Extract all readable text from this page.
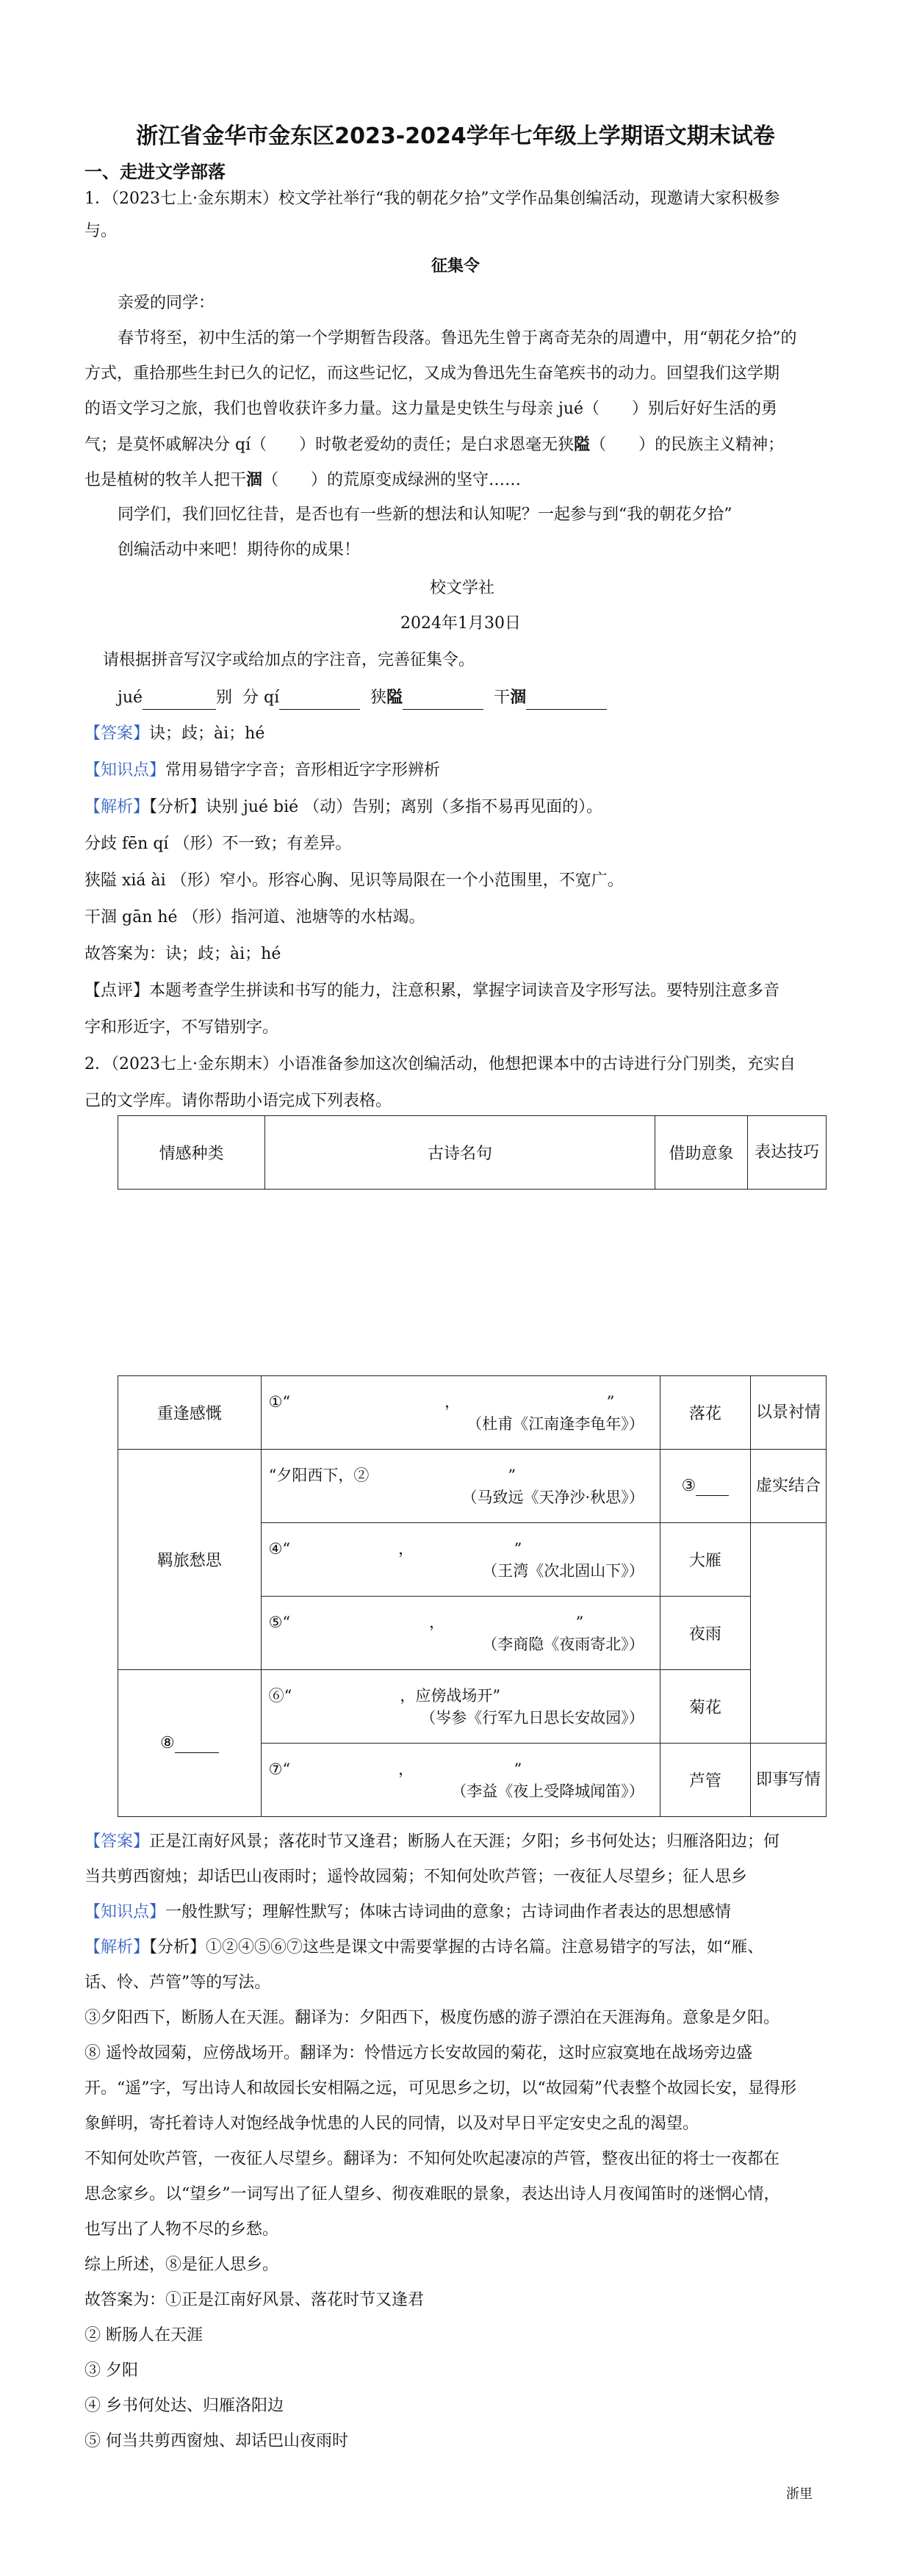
浙江省金华市金东区2023-2024学年七年级上学期语文期末试卷
一、走进文学部落
1．（2023七上·金东期末）校文学社举行“我的朝花夕拾”文学作品集创编活动，现邀请大家积极参
与。
征集令
亲爱的同学：
春节将至，初中生活的第一个学期暂告段落。鲁迅先生曾于离奇芜杂的周遭中，用“朝花夕拾”的
方式，重拾那些生封已久的记忆，而这些记忆，又成为鲁迅先生奋笔疾书的动力。回望我们这学期
的语文学习之旅，我们也曾收获许多力量。这力量是史铁生与母亲 jué（　　）别后好好生活的勇
气；是莫怀戚解决分 qí（　　）时敬老爱幼的责任；是白求恩毫无狭隘（　　）的民族主义精神；
也是植树的牧羊人把干涸（　　）的荒原变成绿洲的坚守……
同学们，我们回忆往昔，是否也有一些新的想法和认知呢？一起参与到“我的朝花夕拾”
创编活动中来吧！期待你的成果！
校文学社
2024年1月30日
请根据拼音写汉字或给加点的字注音，完善征集令。
jué	别 分 qí	狭隘	干涸
【答案】诀；歧；ài；hé
【知识点】常用易错字字音；音形相近字字形辨析
【解析】【分析】诀别 jué bié （动）告别；离别（多指不易再见面的）。
分歧 fēn qí （形）不一致；有差异。
狭隘 xiá ài （形）窄小。形容心胸、见识等局限在一个小范围里，不宽广。
干涸 gān hé （形）指河道、池塘等的水枯竭。
故答案为：诀；歧；ài；hé
【点评】本题考查学生拼读和书写的能力，注意积累，掌握字词读音及字形写法。要特别注意多音
字和形近字，不写错别字。
2．（2023七上·金东期末）小语准备参加这次创编活动，他想把课本中的古诗进行分门别类，充实自
己的文学库。请你帮助小语完成下列表格。
情感种类	古诗名句	借助意象	表达技巧
重逢感慨	①“　　　　　　　　　　，　　　　　　　　　　”
（杜甫《江南逢李龟年》）	落花	以景衬情
羁旅愁思	“夕阳西下，②　　　　　　　　　”
（马致远《天净沙·秋思》）	③	虚实结合

	④“　　　　　　　，　　　　　　　”
（王湾《次北固山下》）	大雁	

	⑤“　　　　　　　　　，　　　　　　　　　”
（李商隐《夜雨寄北》）	夜雨	
⑧	⑥“　　　　　　　，应傍战场开”
（岑参《行军九日思长安故园》）	菊花	

	⑦“　　　　　　　，　　　　　　　”
（李益《夜上受降城闻笛》）	芦管	即事写情
【答案】正是江南好风景；落花时节又逢君；断肠人在天涯；夕阳；乡书何处达；归雁洛阳边；何
当共剪西窗烛；却话巴山夜雨时；遥怜故园菊；不知何处吹芦管；一夜征人尽望乡；征人思乡
【知识点】一般性默写；理解性默写；体味古诗词曲的意象；古诗词曲作者表达的思想感情
【解析】【分析】①②④⑤⑥⑦这些是课文中需要掌握的古诗名篇。注意易错字的写法，如“雁、
话、怜、芦管”等的写法。
③夕阳西下，断肠人在天涯。翻译为：夕阳西下，极度伤感的游子漂泊在天涯海角。意象是夕阳。
⑧ 遥怜故园菊，应傍战场开。翻译为：怜惜远方长安故园的菊花，这时应寂寞地在战场旁边盛
开。“遥”字，写出诗人和故园长安相隔之远，可见思乡之切，以“故园菊”代表整个故园长安，显得形
象鲜明，寄托着诗人对饱经战争忧患的人民的同情，以及对早日平定安史之乱的渴望。
不知何处吹芦管，一夜征人尽望乡。翻译为：不知何处吹起凄凉的芦管，整夜出征的将士一夜都在
思念家乡。以“望乡”一词写出了征人望乡、彻夜难眠的景象，表达出诗人月夜闻笛时的迷惘心情，
也写出了人物不尽的乡愁。
综上所述，⑧是征人思乡。
故答案为：①正是江南好风景、落花时节又逢君
② 断肠人在天涯
③ 夕阳
④ 乡书何处达、归雁洛阳边
⑤ 何当共剪西窗烛、却话巴山夜雨时
浙里
